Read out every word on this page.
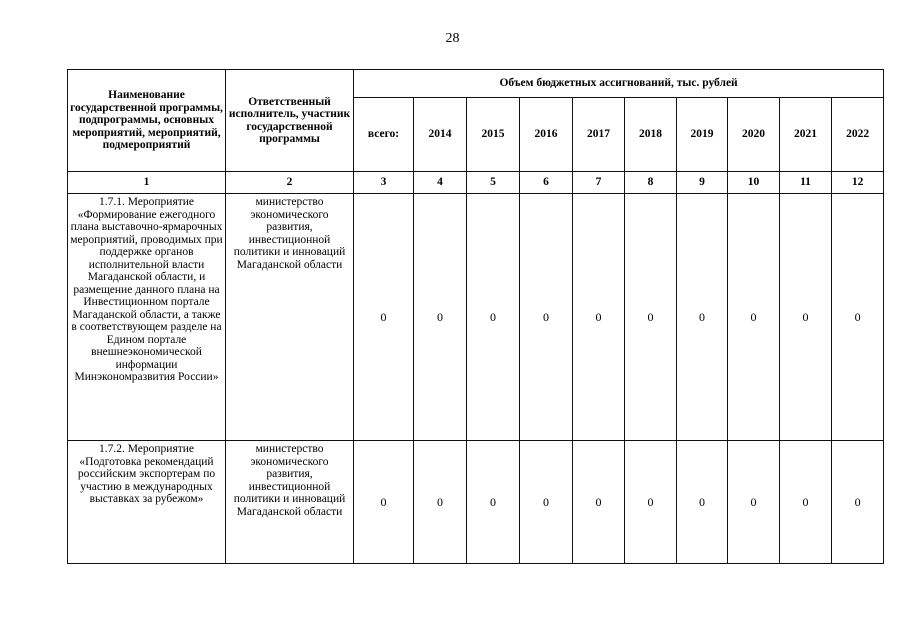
28
Наименование государственной программы, подпрограммы, основных мероприятий, мероприятий, подмероприятий	Ответственный исполнитель, участник государственной программы	Объем бюджетных ассигнований, тыс. рублей									
		всего:	2014	2015	2016	2017	2018	2019	2020	2021	2022
1	2	3	4	5	6	7	8	9	10	11	12
1.7.1. Мероприятие «Формирование ежегодного плана выставочно-ярмарочных мероприятий, проводимых при поддержке органов исполнительной власти Магаданской области, и размещение данного плана на Инвестиционном портале Магаданской области, а также в соответствующем разделе на Едином портале внешнеэкономической информации Минэкономразвития России»	министерство экономического развития, инвестиционной политики и инноваций Магаданской области	0	0	0	0	0	0	0	0	0	0
1.7.2. Мероприятие «Подготовка рекомендаций российским экспортерам по участию в международных выставках за рубежом»	министерство экономического развития, инвестиционной политики и инноваций Магаданской области	0	0	0	0	0	0	0	0	0	0
